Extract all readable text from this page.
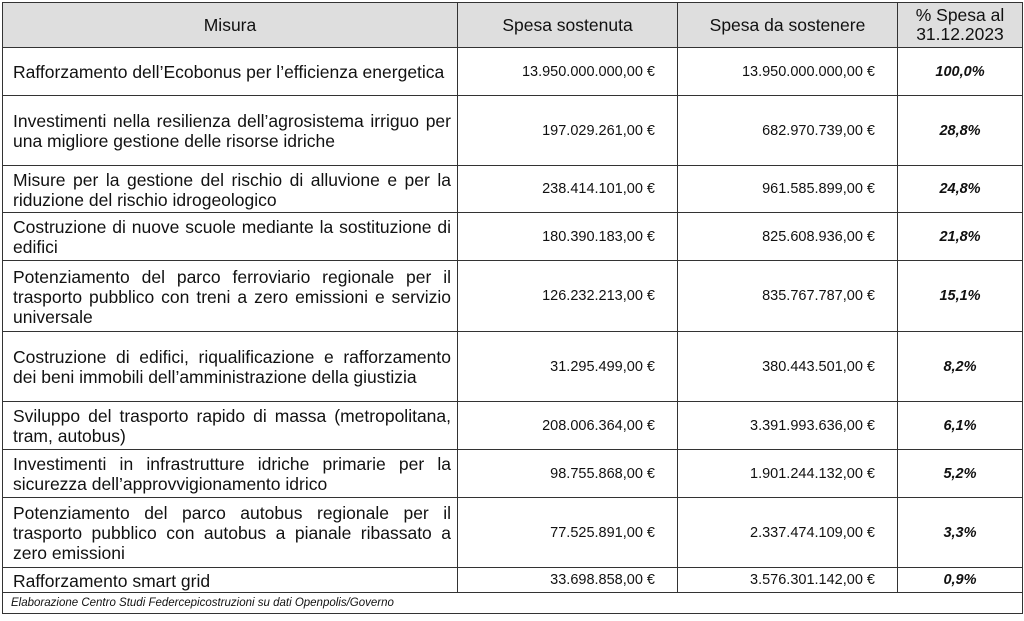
Misura	Spesa sostenuta	Spesa da sostenere	% Spesa al 31.12.2023
Rafforzamento dell’Ecobonus per l’efficienza energetica	13.950.000.000,00 €	13.950.000.000,00 €	100,0%
Investimenti nella resilienza dell’agrosistema irriguo per una migliore gestione delle risorse idriche	197.029.261,00 €	682.970.739,00 €	28,8%
Misure per la gestione del rischio di alluvione e per la riduzione del rischio idrogeologico	238.414.101,00 €	961.585.899,00 €	24,8%
Costruzione di nuove scuole mediante la sostituzione di edifici	180.390.183,00 €	825.608.936,00 €	21,8%
Potenziamento del parco ferroviario regionale per il trasporto pubblico con treni a zero emissioni e servizio universale	126.232.213,00 €	835.767.787,00 €	15,1%
Costruzione di edifici, riqualificazione e rafforzamento dei beni immobili dell’amministrazione della giustizia	31.295.499,00 €	380.443.501,00 €	8,2%
Sviluppo del trasporto rapido di massa (metropolitana, tram, autobus)	208.006.364,00 €	3.391.993.636,00 €	6,1%
Investimenti in infrastrutture idriche primarie per la sicurezza dell’approvvigionamento idrico	98.755.868,00 €	1.901.244.132,00 €	5,2%
Potenziamento del parco autobus regionale per il trasporto pubblico con autobus a pianale ribassato a zero emissioni	77.525.891,00 €	2.337.474.109,00 €	3,3%
Rafforzamento smart grid	33.698.858,00 €	3.576.301.142,00 €	0,9%
Elaborazione Centro Studi Federcepicostruzioni su dati Openpolis/Governo			
